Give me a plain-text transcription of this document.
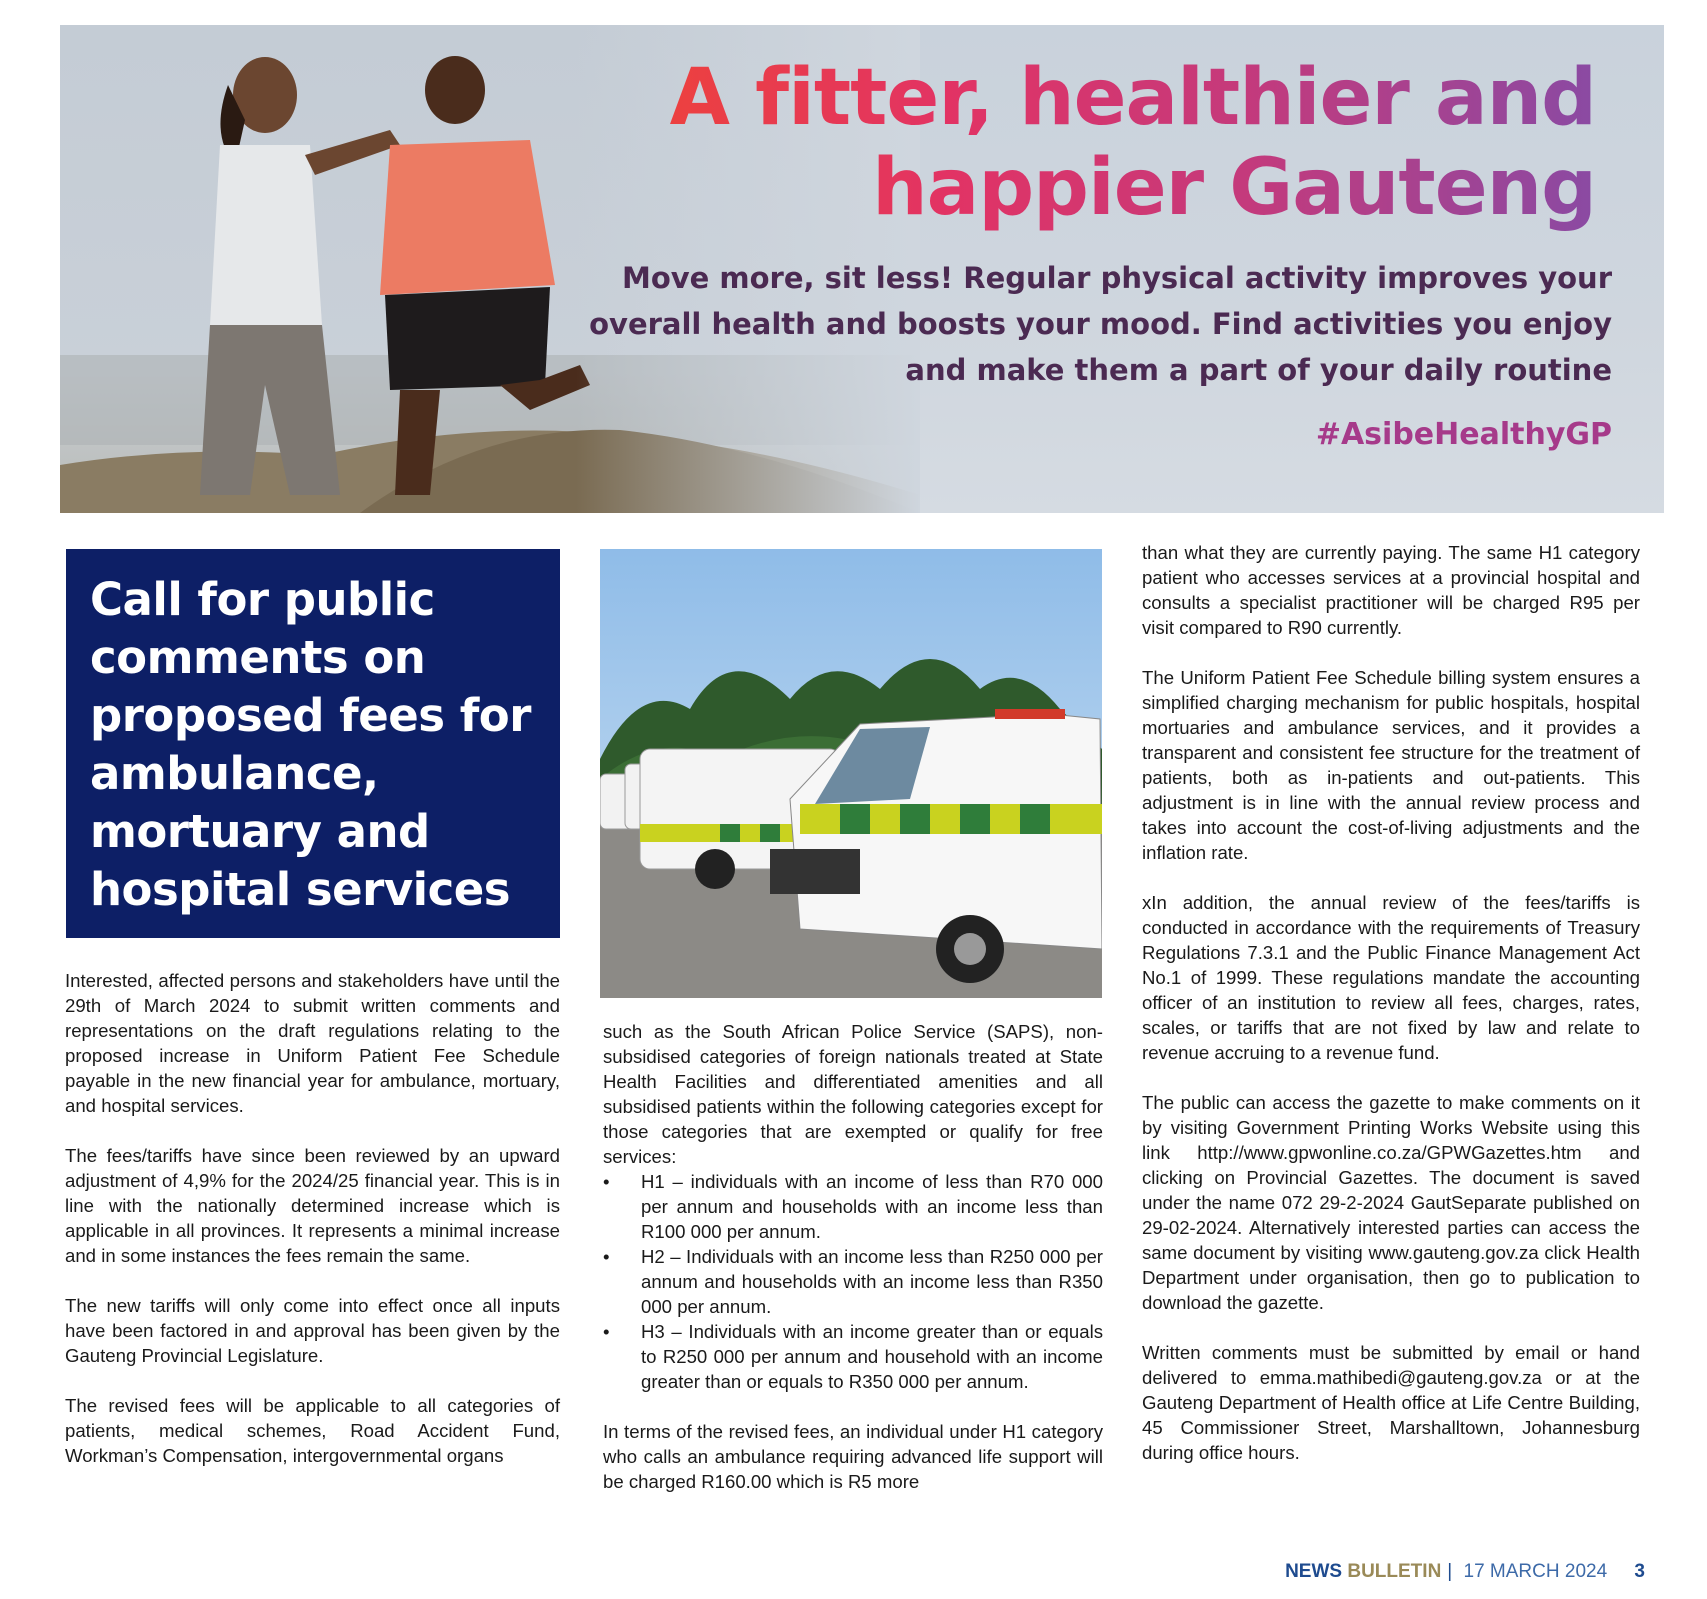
A fitter, healthier and
happier Gauteng
Move more, sit less! Regular physical activity improves your
overall health and boosts your mood. Find activities you enjoy
and make them a part of your daily routine
#AsibeHealthyGP
Call for public comments on proposed fees for ambulance, mortuary and hospital services

Interested, affected persons and stakeholders have until the 29th of March 2024 to submit written comments and representations on the draft regulations relating to the proposed increase in Uniform Patient Fee Schedule payable in the new financial year for ambulance, mortuary, and hospital services.

The fees/tariffs have since been reviewed by an upward adjustment of 4,9% for the 2024/25 financial year. This is in line with the nationally determined increase which is applicable in all provinces. It represents a minimal increase and in some instances the fees remain the same.

The new tariffs will only come into effect once all inputs have been factored in and approval has been given by the Gauteng Provincial Legislature.

The revised fees will be applicable to all categories of patients, medical schemes, Road Accident Fund, Workman’s Compensation, intergovernmental organs

such as the South African Police Service (SAPS), non-subsidised categories of foreign nationals treated at State Health Facilities and differentiated amenities and all subsidised patients within the following categories except for those categories that are exempted or qualify for free services:

• H1 – individuals with an income of less than R70 000 per annum and households with an income less than R100 000 per annum.
• H2 – Individuals with an income less than R250 000 per annum and households with an income less than R350 000 per annum.
• H3 – Individuals with an income greater than or equals to R250 000 per annum and household with an income greater than or equals to R350 000 per annum.

In terms of the revised fees, an individual under H1 category who calls an ambulance requiring advanced life support will be charged R160.00 which is R5 more

than what they are currently paying. The same H1 category patient who accesses services at a provincial hospital and consults a specialist practitioner will be charged R95 per visit compared to R90 currently.

The Uniform Patient Fee Schedule billing system ensures a simplified charging mechanism for public hospitals, hospital mortuaries and ambulance services, and it provides a transparent and consistent fee structure for the treatment of patients, both as in-patients and out-patients. This adjustment is in line with the annual review process and takes into account the cost-of-living adjustments and the inflation rate.

xIn addition, the annual review of the fees/tariffs is conducted in accordance with the requirements of Treasury Regulations 7.3.1 and the Public Finance Management Act No.1 of 1999. These regulations mandate the accounting officer of an institution to review all fees, charges, rates, scales, or tariffs that are not fixed by law and relate to revenue accruing to a revenue fund.

The public can access the gazette to make comments on it by visiting Government Printing Works Website using this link http://www.gpwonline.co.za/GPWGazettes.htm and clicking on Provincial Gazettes. The document is saved under the name 072 29-2-2024 GautSeparate published on 29-02-2024. Alternatively interested parties can access the same document by visiting www.gauteng.gov.za click Health Department under organisation, then go to publication to download the gazette.

Written comments must be submitted by email or hand delivered to emma.mathibedi@gauteng.gov.za or at the Gauteng Department of Health office at Life Centre Building, 45 Commissioner Street, Marshalltown, Johannesburg during office hours.

NEWS BULLETIN | 17 MARCH 2024 3
